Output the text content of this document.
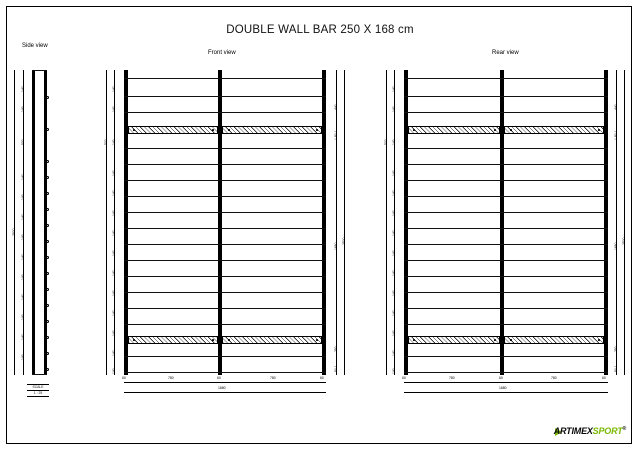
DOUBLE WALL BAR 250 X 168 cm
Side view
Front view	Rear view
140
140
520
140
140
140
140
140
140
140
140
140
140
2500
SCALE
1 : 25
140
140
520 140
140
140
140
140
140
140
140
140
140
140
140
440
1 80 1
2500
1660
250
80 1
60	780	60	780	60
1680
140
140
520 140
140
140
140
140
140
140
140
140
140
140
140
440
1 80 1
2500
1660
250
80 1
60	780	60	780	60
1680
ARTIMEXSPORT®
